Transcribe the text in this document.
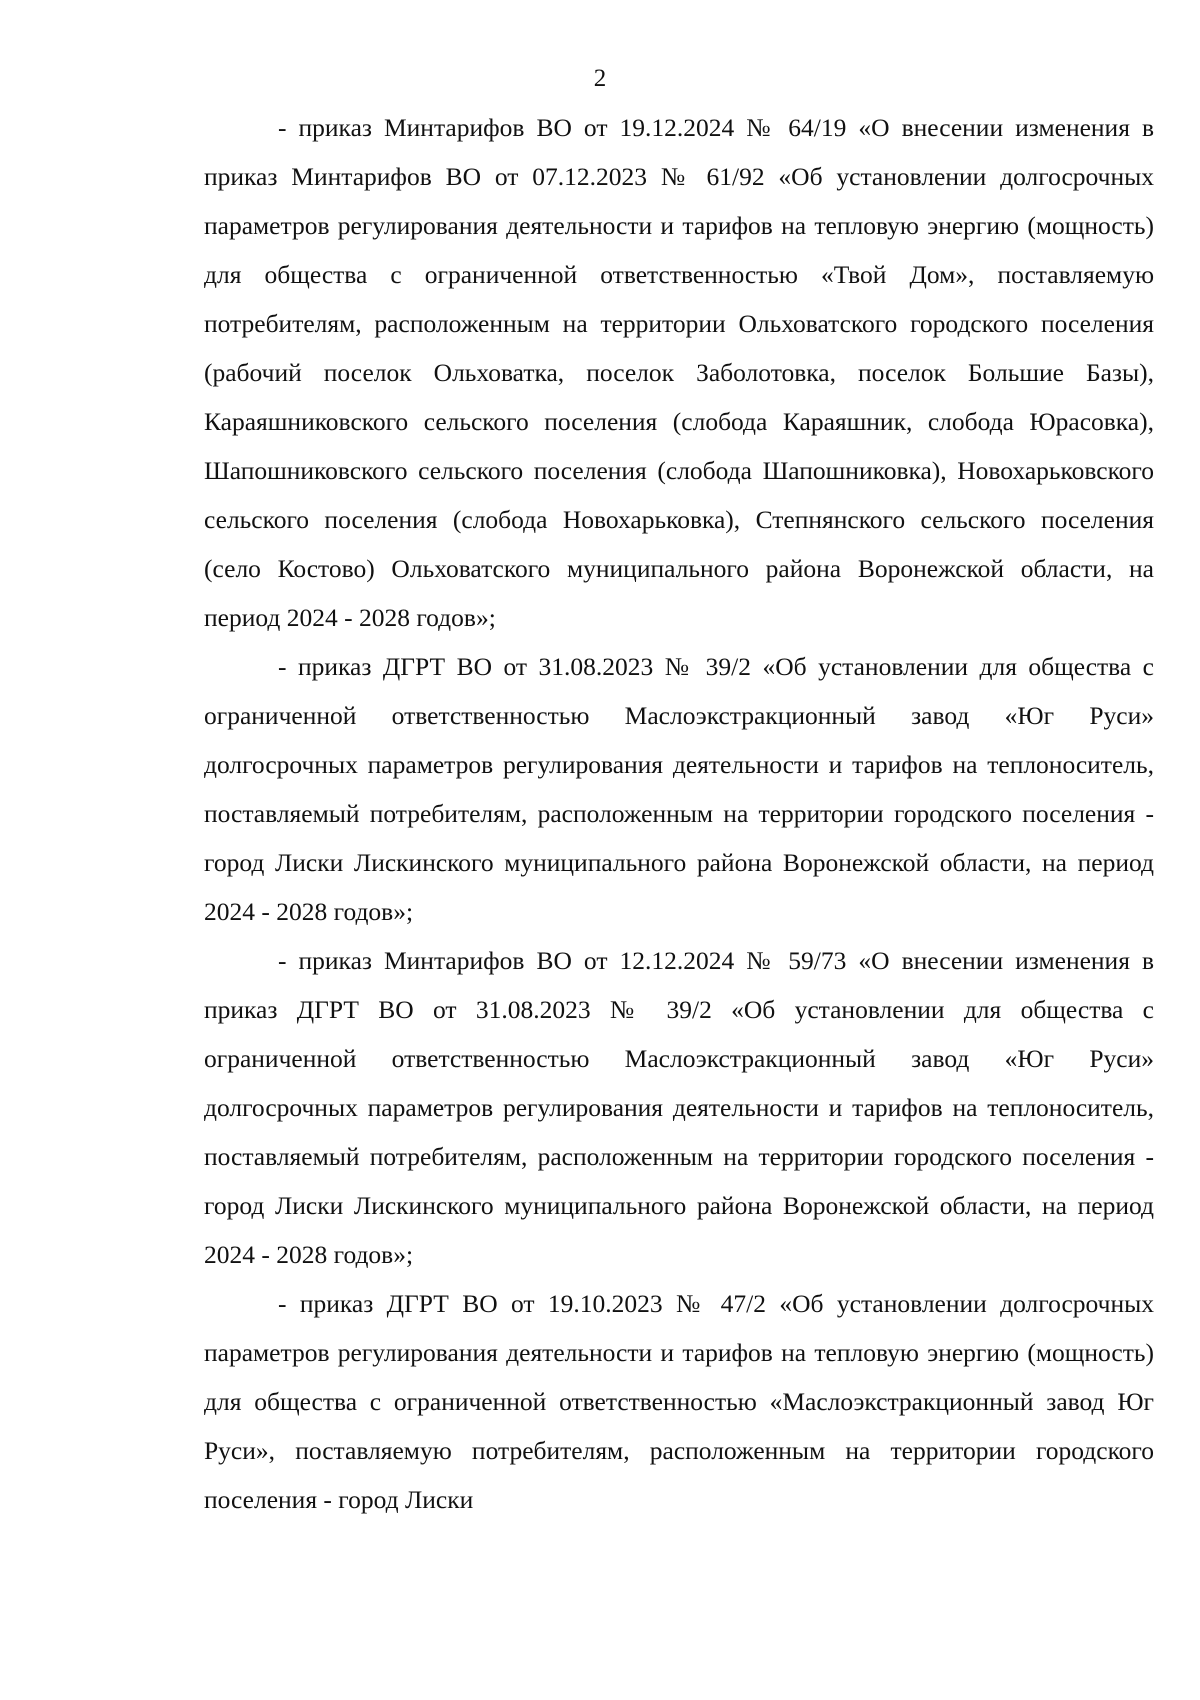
2

- приказ Минтарифов ВО от 19.12.2024 № 64/19 «О внесении изменения в приказ Минтарифов ВО от 07.12.2023 № 61/92 «Об установлении долгосрочных параметров регулирования деятельности и тарифов на тепловую энергию (мощность) для общества с ограниченной ответственностью «Твой Дом», поставляемую потребителям, расположенным на территории Ольховатского городского поселения (рабочий поселок Ольховатка, поселок Заболотовка, поселок Большие Базы), Караяшниковского сельского поселения (слобода Караяшник, слобода Юрасовка), Шапошниковского сельского поселения (слобода Шапошниковка), Новохарьковского сельского поселения (слобода Новохарьковка), Степнянского сельского поселения (село Костово) Ольховатского муниципального района Воронежской области, на период 2024 - 2028 годов»;

- приказ ДГРТ ВО от 31.08.2023 № 39/2 «Об установлении для общества с ограниченной ответственностью Маслоэкстракционный завод «Юг Руси» долгосрочных параметров регулирования деятельности и тарифов на теплоноситель, поставляемый потребителям, расположенным на территории городского поселения - город Лиски Лискинского муниципального района Воронежской области, на период 2024 - 2028 годов»;

- приказ Минтарифов ВО от 12.12.2024 № 59/73 «О внесении изменения в приказ ДГРТ ВО от 31.08.2023 № 39/2 «Об установлении для общества с ограниченной ответственностью Маслоэкстракционный завод «Юг Руси» долгосрочных параметров регулирования деятельности и тарифов на теплоноситель, поставляемый потребителям, расположенным на территории городского поселения - город Лиски Лискинского муниципального района Воронежской области, на период 2024 - 2028 годов»;

- приказ ДГРТ ВО от 19.10.2023 № 47/2 «Об установлении долгосрочных параметров регулирования деятельности и тарифов на тепловую энергию (мощность) для общества с ограниченной ответственностью «Маслоэкстракционный завод Юг Руси», поставляемую потребителям, расположенным на территории городского поселения - город Лиски
